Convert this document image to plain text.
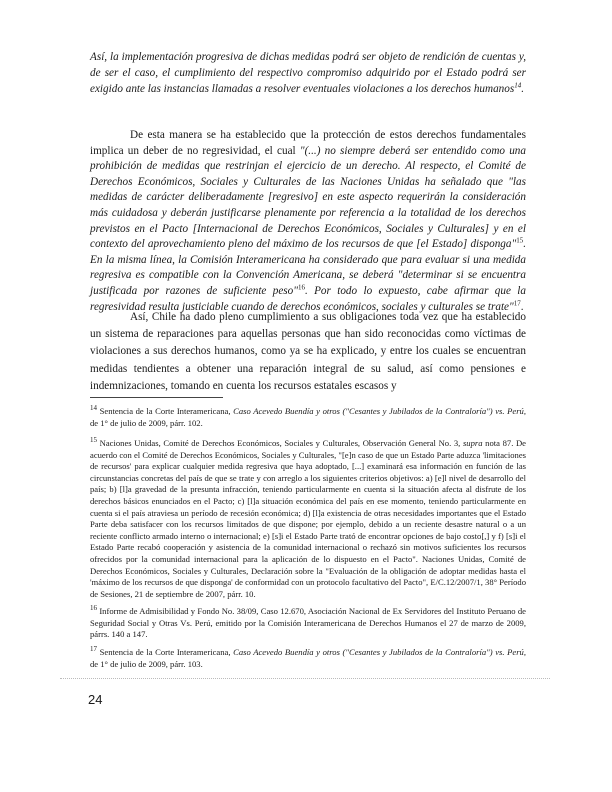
Así, la implementación progresiva de dichas medidas podrá ser objeto de rendición de cuentas y, de ser el caso, el cumplimiento del respectivo compromiso adquirido por el Estado podrá ser exigido ante las instancias llamadas a resolver eventuales violaciones a los derechos humanos$^{14}$.

De esta manera se ha establecido que la protección de estos derechos fundamentales implica un deber de no regresividad, el cual "(...) no siempre deberá ser entendido como una prohibición de medidas que restrinjan el ejercicio de un derecho. Al respecto, el Comité de Derechos Económicos, Sociales y Culturales de las Naciones Unidas ha señalado que "las medidas de carácter deliberadamente [regresivo] en este aspecto requerirán la consideración más cuidadosa y deberán justificarse plenamente por referencia a la totalidad de los derechos previstos en el Pacto [Internacional de Derechos Económicos, Sociales y Culturales] y en el contexto del aprovechamiento pleno del máximo de los recursos de que [el Estado] disponga"$^{15}$. En la misma línea, la Comisión Interamericana ha considerado que para evaluar si una medida regresiva es compatible con la Convención Americana, se deberá "determinar si se encuentra justificada por razones de suficiente peso"$^{16}$. Por todo lo expuesto, cabe afirmar que la regresividad resulta justiciable cuando de derechos económicos, sociales y culturales se trate"$^{17}$.

Así, Chile ha dado pleno cumplimiento a sus obligaciones toda vez que ha establecido un sistema de reparaciones para aquellas personas que han sido reconocidas como víctimas de violaciones a sus derechos humanos, como ya se ha explicado, y entre los cuales se encuentran medidas tendientes a obtener una reparación integral de su salud, así como pensiones e indemnizaciones, tomando en cuenta los recursos estatales escasos y

$^{14}$ Sentencia de la Corte Interamericana, Caso Acevedo Buendía y otros ("Cesantes y Jubilados de la Contraloría") vs. Perú, de 1° de julio de 2009, párr. 102.

$^{15}$ Naciones Unidas, Comité de Derechos Económicos, Sociales y Culturales, Observación General No. 3, supra nota 87. De acuerdo con el Comité de Derechos Económicos, Sociales y Culturales, "[e]n caso de que un Estado Parte aduzca 'limitaciones de recursos' para explicar cualquier medida regresiva que haya adoptado, [...] examinará esa información en función de las circunstancias concretas del país de que se trate y con arreglo a los siguientes criterios objetivos: a) [e]l nivel de desarrollo del país; b) [l]a gravedad de la presunta infracción, teniendo particularmente en cuenta si la situación afecta al disfrute de los derechos básicos enunciados en el Pacto; c) [l]a situación económica del país en ese momento, teniendo particularmente en cuenta si el país atraviesa un período de recesión económica; d) [l]a existencia de otras necesidades importantes que el Estado Parte deba satisfacer con los recursos limitados de que dispone; por ejemplo, debido a un reciente desastre natural o a un reciente conflicto armado interno o internacional; e) [s]i el Estado Parte trató de encontrar opciones de bajo costo[,] y f) [s]i el Estado Parte recabó cooperación y asistencia de la comunidad internacional o rechazó sin motivos suficientes los recursos ofrecidos por la comunidad internacional para la aplicación de lo dispuesto en el Pacto". Naciones Unidas, Comité de Derechos Económicos, Sociales y Culturales, Declaración sobre la "Evaluación de la obligación de adoptar medidas hasta el 'máximo de los recursos de que disponga' de conformidad con un protocolo facultativo del Pacto", E/C.12/2007/1, 38° Período de Sesiones, 21 de septiembre de 2007, párr. 10.

$^{16}$ Informe de Admisibilidad y Fondo No. 38/09, Caso 12.670, Asociación Nacional de Ex Servidores del Instituto Peruano de Seguridad Social y Otras Vs. Perú, emitido por la Comisión Interamericana de Derechos Humanos el 27 de marzo de 2009, párrs. 140 a 147.

$^{17}$ Sentencia de la Corte Interamericana, Caso Acevedo Buendía y otros ("Cesantes y Jubilados de la Contraloría") vs. Perú, de 1° de julio de 2009, párr. 103.

24
